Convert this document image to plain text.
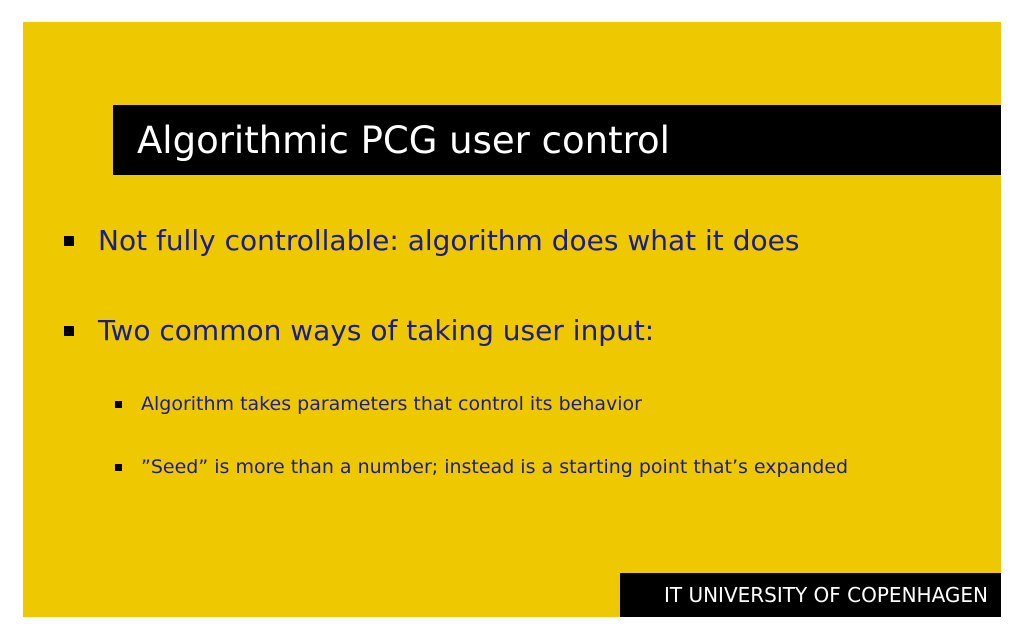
Algorithmic PCG user control
Not fully controllable: algorithm does what it does
Two common ways of taking user input:
Algorithm takes parameters that control its behavior
”Seed” is more than a number; instead is a starting point that’s expanded
IT UNIVERSITY OF COPENHAGEN
